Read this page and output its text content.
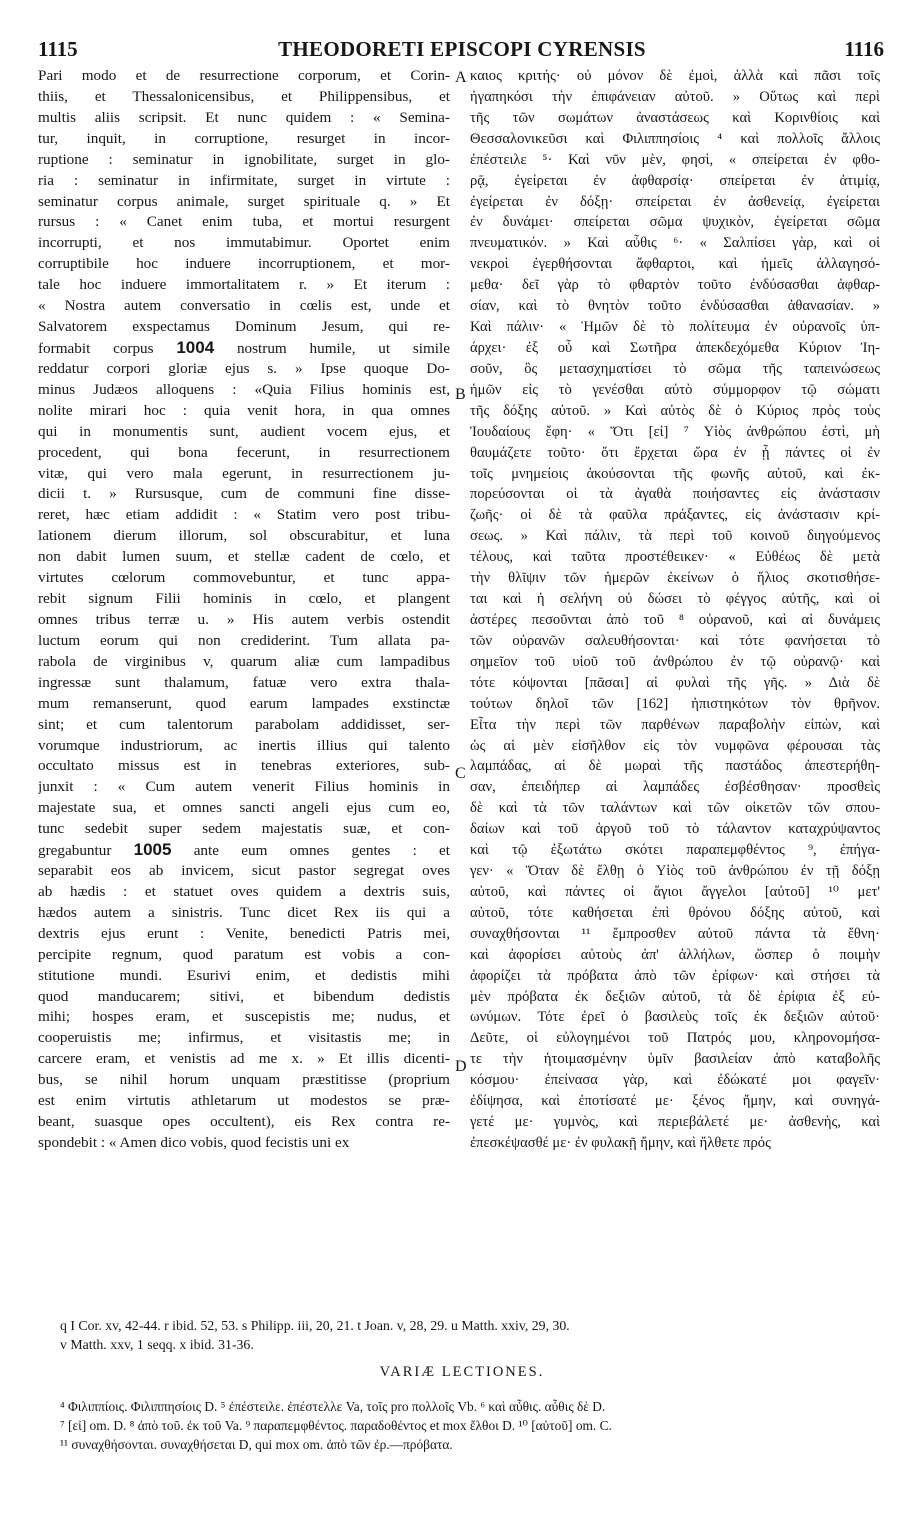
1115	THEODORETI EPISCOPI CYRENSIS	1116
Pari modo et de resurrectione corporum, et Corin-
thiis, et Thessalonicensibus, et Philippensibus, et
multis aliis scripsit. Et nunc quidem : « Semina-
tur, inquit, in corruptione, resurget in incor-
ruptione : seminatur in ignobilitate, surget in glo-
ria : seminatur in infirmitate, surget in virtute :
seminatur corpus animale, surget spirituale q. » Et
rursus : « Canet enim tuba, et mortui resurgent
incorrupti, et nos immutabimur. Oportet enim
corruptibile hoc induere incorruptionem, et mor-
tale hoc induere immortalitatem r. » Et iterum :
« Nostra autem conversatio in cœlis est, unde et
Salvatorem exspectamus Dominum Jesum, qui re-
formabit corpus 1004 nostrum humile, ut simile
reddatur corpori gloriæ ejus s. » Ipse quoque Do-
minus Judæos alloquens : «Quia Filius hominis est,
nolite mirari hoc : quia venit hora, in qua omnes
qui in monumentis sunt, audient vocem ejus, et
procedent, qui bona fecerunt, in resurrectionem
vitæ, qui vero mala egerunt, in resurrectionem ju-
dicii t. » Rursusque, cum de communi fine disse-
reret, hæc etiam addidit : « Statim vero post tribu-
lationem dierum illorum, sol obscurabitur, et luna
non dabit lumen suum, et stellæ cadent de cœlo, et
virtutes cœlorum commovebuntur, et tunc appa-
rebit signum Filii hominis in cœlo, et plangent
omnes tribus terræ u. » His autem verbis ostendit
luctum eorum qui non crediderint. Tum allata pa-
rabola de virginibus v, quarum aliæ cum lampadibus
ingressæ sunt thalamum, fatuæ vero extra thala-
mum remanserunt, quod earum lampades exstinctæ
sint; et cum talentorum parabolam addidisset, ser-
vorumque industriorum, ac inertis illius qui talento
occultato missus est in tenebras exteriores, sub-
junxit : « Cum autem venerit Filius hominis in
majestate sua, et omnes sancti angeli ejus cum eo,
tunc sedebit super sedem majestatis suæ, et con-
gregabuntur 1005 ante eum omnes gentes : et
separabit eos ab invicem, sicut pastor segregat oves
ab hædis : et statuet oves quidem a dextris suis,
hædos autem a sinistris. Tunc dicet Rex iis qui a
dextris ejus erunt : Venite, benedicti Patris mei,
percipite regnum, quod paratum est vobis a con-
stitutione mundi. Esurivi enim, et dedistis mihi
quod manducarem; sitivi, et bibendum dedistis
mihi; hospes eram, et suscepistis me; nudus, et
cooperuistis me; infirmus, et visitastis me; in
carcere eram, et venistis ad me x. » Et illis dicenti-
bus, se nihil horum unquam præstitisse (proprium
est enim virtutis athletarum ut modestos se præ-
beant, suasque opes occultent), eis Rex contra re-
spondebit : « Amen dico vobis, quod fecistis uni ex
καιος κριτής· οὐ μόνον δὲ ἐμοὶ, ἀλλὰ καὶ πᾶσι τοῖς
ἠγαπηκόσι τὴν ἐπιφάνειαν αὐτοῦ. » Οὕτως καὶ περὶ
τῆς τῶν σωμάτων ἀναστάσεως καὶ Κορινθίοις καὶ
Θεσσαλονικεῦσι καὶ Φιλιππησίοις ⁴ καὶ πολλοῖς ἄλλοις
ἐπέστειλε ⁵· Καὶ νῦν μὲν, φησὶ, « σπείρεται ἐν φθο-
ρᾷ, ἐγείρεται ἐν ἀφθαρσίᾳ· σπείρεται ἐν ἀτιμίᾳ,
ἐγείρεται ἐν δόξῃ· σπείρεται ἐν ἀσθενείᾳ, ἐγείρεται
ἐν δυνάμει· σπείρεται σῶμα ψυχικὸν, ἐγείρεται σῶμα
πνευματικόν. » Καὶ αὖθις ⁶· « Σαλπίσει γὰρ, καὶ οἱ
νεκροὶ ἐγερθήσονται ἄφθαρτοι, καὶ ἡμεῖς ἀλλαγησό-
μεθα· δεῖ γὰρ τὸ φθαρτὸν τοῦτο ἐνδύσασθαι ἀφθαρ-
σίαν, καὶ τὸ θνητὸν τοῦτο ἐνδύσασθαι ἀθανασίαν. »
Καὶ πάλιν· « Ἡμῶν δὲ τὸ πολίτευμα ἐν οὐρανοῖς ὑπ-
άρχει· ἐξ οὗ καὶ Σωτῆρα ἀπεκδεχόμεθα Κύριον Ἰη-
σοῦν, ὃς μετασχηματίσει τὸ σῶμα τῆς ταπεινώσεως
ἡμῶν εἰς τὸ γενέσθαι αὐτὸ σύμμορφον τῷ σώματι
τῆς δόξης αὐτοῦ. » Καὶ αὐτὸς δὲ ὁ Κύριος πρὸς τοὺς
Ἰουδαίους ἔφη· « Ὅτι [εἰ] ⁷ Υἱὸς ἀνθρώπου ἐστὶ, μὴ
θαυμάζετε τοῦτο· ὅτι ἔρχεται ὥρα ἐν ᾗ πάντες οἱ ἐν
τοῖς μνημείοις ἀκούσονται τῆς φωνῆς αὐτοῦ, καὶ ἐκ-
πορεύσονται οἱ τὰ ἀγαθὰ ποιήσαντες εἰς ἀνάστασιν
ζωῆς· οἱ δὲ τὰ φαῦλα πράξαντες, εἰς ἀνάστασιν κρί-
σεως. » Καὶ πάλιν, τὰ περὶ τοῦ κοινοῦ διηγούμενος
τέλους, καὶ ταῦτα προστέθεικεν· « Εὐθέως δὲ μετὰ
τὴν θλῖψιν τῶν ἡμερῶν ἐκείνων ὁ ἥλιος σκοτισθήσε-
ται καὶ ἡ σελήνη οὐ δώσει τὸ φέγγος αὐτῆς, καὶ οἱ
ἀστέρες πεσοῦνται ἀπὸ τοῦ ⁸ οὐρανοῦ, καὶ αἱ δυνάμεις
τῶν οὐρανῶν σαλευθήσονται· καὶ τότε φανήσεται τὸ
σημεῖον τοῦ υἱοῦ τοῦ ἀνθρώπου ἐν τῷ οὐρανῷ· καὶ
τότε κόψονται [πᾶσαι] αἱ φυλαὶ τῆς γῆς. » Διὰ δὲ
τούτων δηλοῖ τῶν [162] ἠπιστηκότων τὸν θρῆνον.
Εἶτα τὴν περὶ τῶν παρθένων παραβολὴν εἰπὼν, καὶ
ὡς αἱ μὲν εἰσῆλθον εἰς τὸν νυμφῶνα φέρουσαι τὰς
λαμπάδας, αἱ δὲ μωραὶ τῆς παστάδος ἀπεστερήθη-
σαν, ἐπειδήπερ αἱ λαμπάδες ἐσβέσθησαν· προσθεὶς
δὲ καὶ τὰ τῶν ταλάντων καὶ τῶν οἰκετῶν τῶν σπου-
δαίων καὶ τοῦ ἀργοῦ τοῦ τὸ τάλαντον καταχρύψαντος
καὶ τῷ ἐξωτάτω σκότει παραπεμφθέντος ⁹, ἐπήγα-
γεν· « Ὅταν δὲ ἔλθῃ ὁ Υἱὸς τοῦ ἀνθρώπου ἐν τῇ δόξῃ
αὐτοῦ, καὶ πάντες οἱ ἅγιοι ἄγγελοι [αὐτοῦ] ¹⁰ μετ'
αὐτοῦ, τότε καθήσεται ἐπὶ θρόνου δόξης αὐτοῦ, καὶ
συναχθήσονται ¹¹ ἔμπροσθεν αὐτοῦ πάντα τὰ ἔθνη·
καὶ ἀφορίσει αὐτοὺς ἀπ' ἀλλήλων, ὥσπερ ὁ ποιμὴν
ἀφορίζει τὰ πρόβατα ἀπὸ τῶν ἐρίφων· καὶ στήσει τὰ
μὲν πρόβατα ἐκ δεξιῶν αὐτοῦ, τὰ δὲ ἐρίφια ἐξ εὐ-
ωνύμων. Τότε ἐρεῖ ὁ βασιλεὺς τοῖς ἐκ δεξιῶν αὐτοῦ·
Δεῦτε, οἱ εὐλογημένοι τοῦ Πατρός μου, κληρονομήσα-
τε τὴν ἡτοιμασμένην ὑμῖν βασιλείαν ἀπὸ καταβολῆς
κόσμου· ἐπείνασα γὰρ, καὶ ἐδώκατέ μοι φαγεῖν·
ἐδίψησα, καὶ ἐποτίσατέ με· ξένος ἤμην, καὶ συνηγά-
γετέ με· γυμνὸς, καὶ περιεβάλετέ με· ἀσθενὴς, καὶ
ἐπεσκέψασθέ με· ἐν φυλακῇ ἤμην, καὶ ἤλθετε πρός
A
B
C
D
q I Cor. xv, 42-44. r ibid. 52, 53. s Philipp. iii, 20, 21. t Joan. v, 28, 29. u Matth. xxiv, 29, 30.
v Matth. xxv, 1 seqq. x ibid. 31-36.
VARIÆ LECTIONES.
⁴ Φιλιππίοις. Φιλιππησίοις D. ⁵ ἐπέστειλε. ἐπέστελλε Va, τοῖς pro πολλοῖς Vb. ⁶ καὶ αὖθις. αὖθις δὲ D.
⁷ [εἰ] om. D. ⁸ ἀπὸ τοῦ. ἐκ τοῦ Va. ⁹ παραπεμφθέντος. παραδοθέντος et mox ἔλθοι D. ¹⁰ [αὐτοῦ] om. C.
¹¹ συναχθήσονται. συναχθήσεται D, qui mox om. ἀπὸ τῶν ἐρ.—πρόβατα.
